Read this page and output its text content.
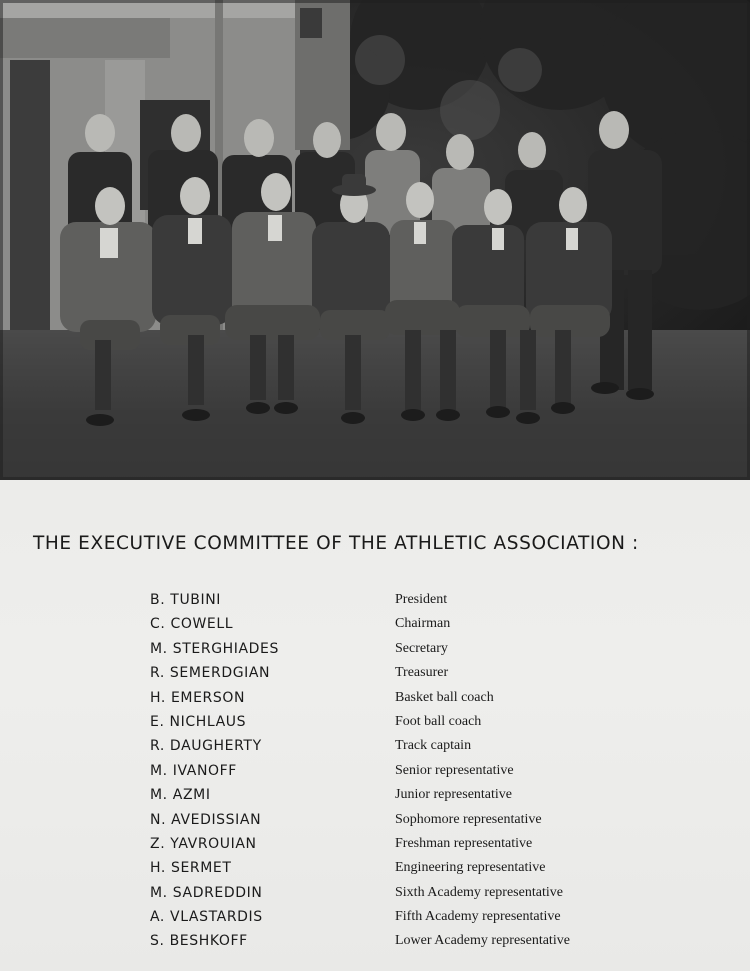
THE EXECUTIVE COMMITTEE OF THE ATHLETIC ASSOCIATION :
B. TUBINI	President
C. COWELL	Chairman
M. STERGHIADES	Secretary
R. SEMERDGIAN	Treasurer
H. EMERSON	Basket ball coach
E. NICHLAUS	Foot ball coach
R. DAUGHERTY	Track captain
M. IVANOFF	Senior representative
M. AZMI	Junior representative
N. AVEDISSIAN	Sophomore representative
Z. YAVROUIAN	Freshman representative
H. SERMET	Engineering representative
M. SADREDDIN	Sixth Academy representative
A. VLASTARDIS	Fifth Academy representative
S. BESHKOFF	Lower Academy representative
